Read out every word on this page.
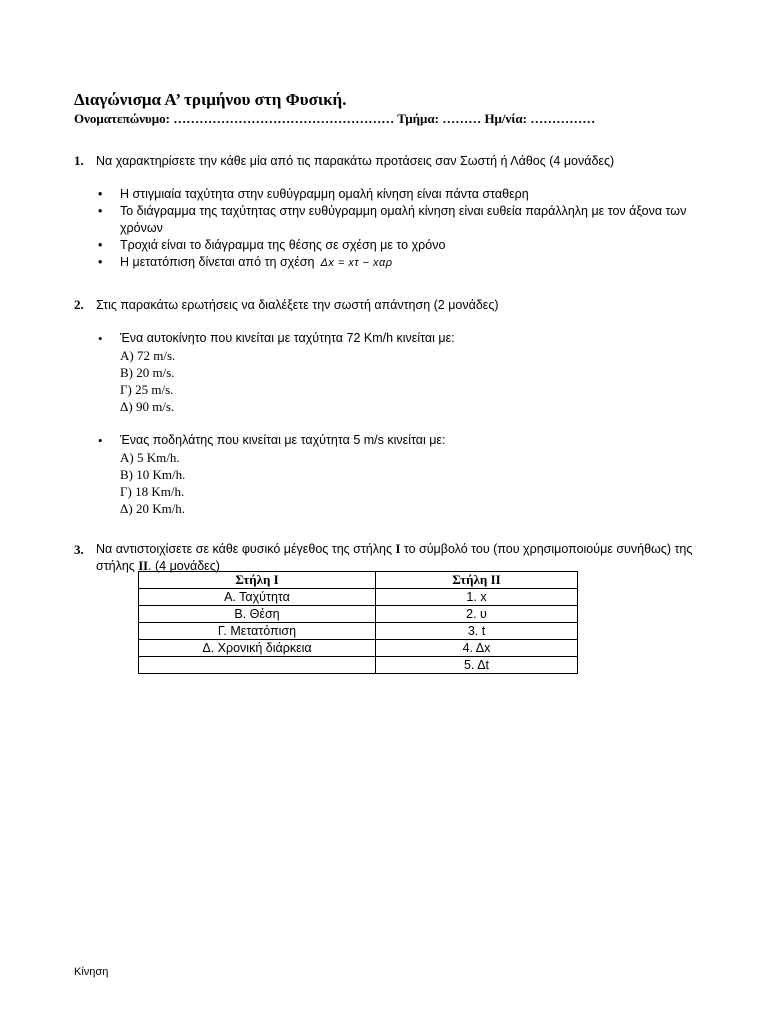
Διαγώνισμα Α’ τριμήνου στη Φυσική.

Ονοματεπώνυμο: …………………………………………… Τμήμα: ……… Ημ/νία: ……………

1. Να χαρακτηρίσετε την κάθε μία από τις παρακάτω προτάσεις σαν Σωστή ή Λάθος (4 μονάδες)
• Η στιγμιαία ταχύτητα στην ευθύγραμμη ομαλή κίνηση είναι πάντα σταθερη
• Το διάγραμμα της ταχύτητας στην ευθύγραμμη ομαλή κίνηση είναι ευθεία παράλληλη με τον άξονα των χρόνων
• Τροχιά είναι το διάγραμμα της θέσης σε σχέση με το χρόνο
• Η μετατόπιση δίνεται από τη σχέση Δx = xτ − xαρ
2. Στις παρακάτω ερωτήσεις να διαλέξετε την σωστή απάντηση (2 μονάδες)
• Ένα αυτοκίνητο που κινείται με ταχύτητα 72 Km/h κινείται με:
Α) 72 m/s.
Β) 20 m/s.
Γ) 25 m/s.
Δ) 90 m/s.
• Ένας ποδηλάτης που κινείται με ταχύτητα 5 m/s κινείται με:
Α) 5 Km/h.
Β) 10 Km/h.
Γ) 18 Km/h.
Δ) 20 Km/h.
3. Να αντιστοιχίσετε σε κάθε φυσικό μέγεθος της στήλης Ι το σύμβολό του (που χρησιμοποιούμε συνήθως) της στήλης ΙΙ. (4 μονάδες)
Στήλη Ι	Στήλη ΙΙ
Α. Ταχύτητα	1. x
Β. Θέση	2. υ
Γ. Μετατόπιση	3. t
Δ. Χρονική διάρκεια	4. Δx
	5. Δt
Κίνηση
